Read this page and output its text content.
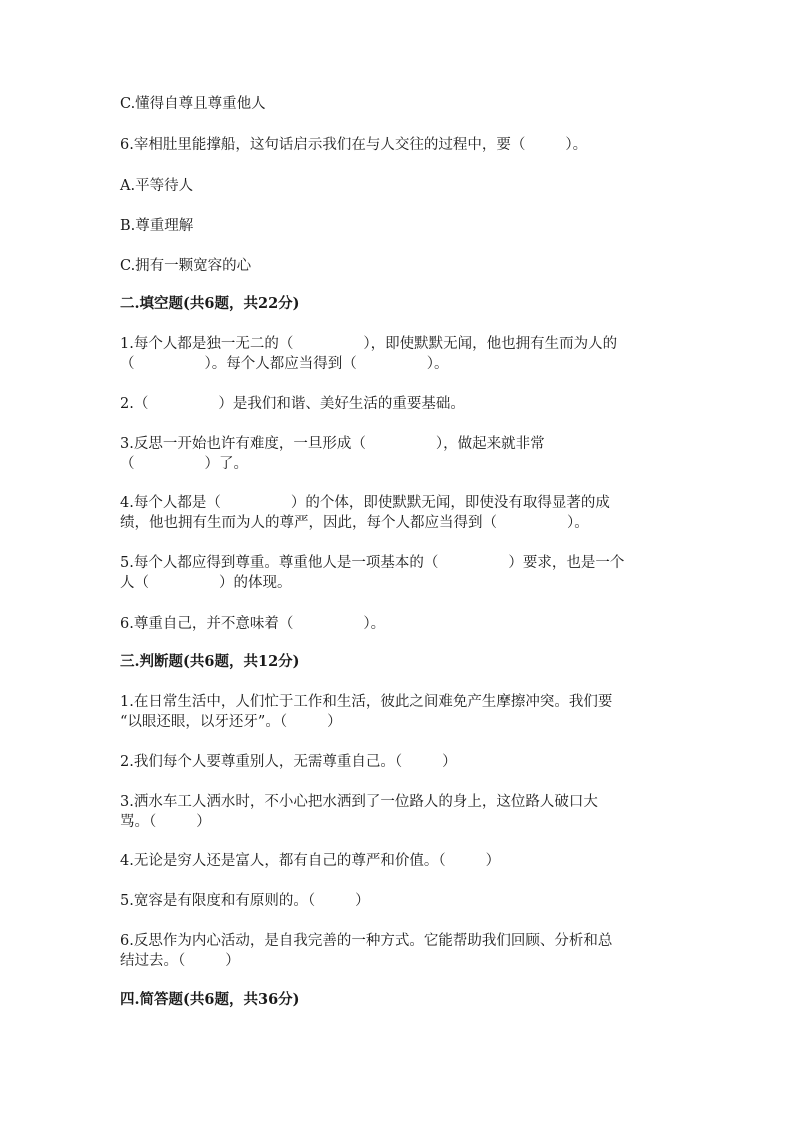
C.懂得自尊且尊重他人
6.宰相肚里能撑船，这句话启示我们在与人交往的过程中，要（	）。
A.平等待人
B.尊重理解
C.拥有一颗宽容的心
二.填空题(共6题，共22分)
1.每个人都是独一无二的（	），即使默默无闻，他也拥有生而为人的
（	）。每个人都应当得到（	）。
2.（	）是我们和谐、美好生活的重要基础。
3.反思一开始也许有难度，一旦形成（	），做起来就非常
（	）了。
4.每个人都是（	）的个体，即使默默无闻，即使没有取得显著的成
绩，他也拥有生而为人的尊严，因此，每个人都应当得到（	）。
5.每个人都应得到尊重。尊重他人是一项基本的（	）要求，也是一个
人（	）的体现。
6.尊重自己，并不意味着（	）。
三.判断题(共6题，共12分)
1.在日常生活中，人们忙于工作和生活，彼此之间难免产生摩擦冲突。我们要
“以眼还眼，以牙还牙”。（	）
2.我们每个人要尊重别人，无需尊重自己。（	）
3.洒水车工人洒水时，不小心把水洒到了一位路人的身上，这位路人破口大
骂。（	）
4.无论是穷人还是富人，都有自己的尊严和价值。（	）
5.宽容是有限度和有原则的。（	）
6.反思作为内心活动，是自我完善的一种方式。它能帮助我们回顾、分析和总
结过去。（	）
四.简答题(共6题，共36分)
